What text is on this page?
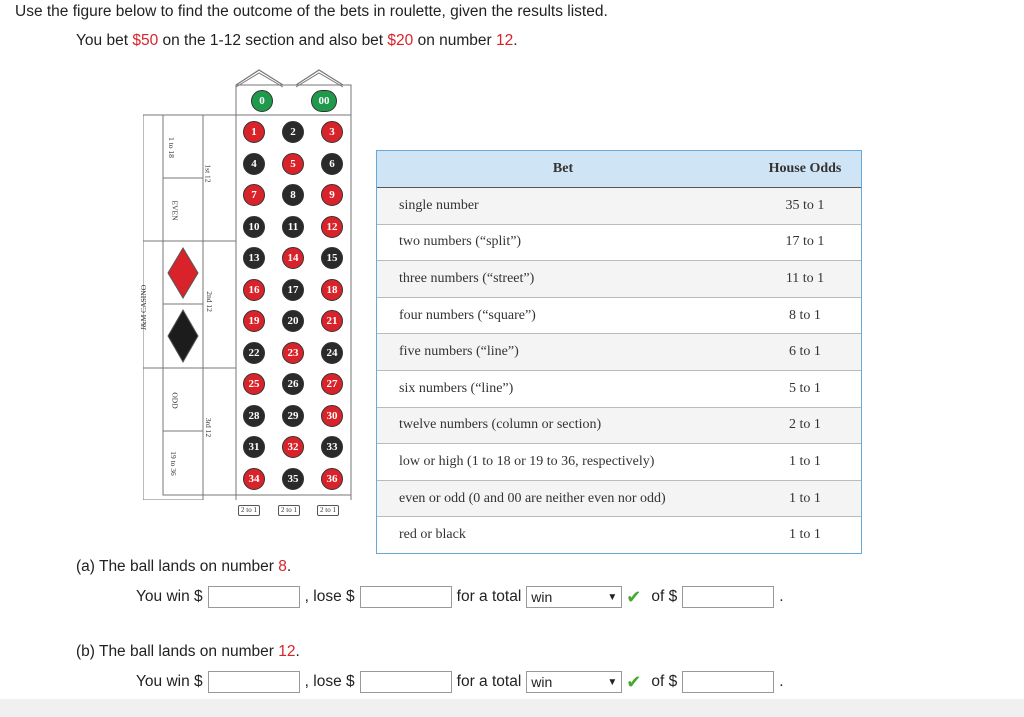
Use the figure below to find the outcome of the bets in roulette, given the results listed.
You bet $50 on the 1-12 section and also bet $20 on number 12.
0	00
1	2	3
4	5	6
7	8	9
10	11	12
13	14	15
16	17	18
19	20	21
22	23	24
25	26	27
28	29	30
31	32	33
34	35	36
1st 12
2nd 12
3rd 12
1 to 18
EVEN
ODD
19 to 36
J&M CASINO
2 to 1	2 to 1	2 to 1
Bet	House Odds
single number	35 to 1
two numbers (“split”)	17 to 1
three numbers (“street”)	11 to 1
four numbers (“square”)	8 to 1
five numbers (“line”)	6 to 1
six numbers (“line”)	5 to 1
twelve numbers (column or section)	2 to 1
low or high (1 to 18 or 19 to 36, respectively)	1 to 1
even or odd (0 and 00 are neither even nor odd)	1 to 1
red or black	1 to 1
(a) The ball lands on number 8.
You win $	, lose $	for a total win	▼ ✔ of $	.
(b) The ball lands on number 12.
You win $	, lose $	for a total win	▼ ✔ of $	.
